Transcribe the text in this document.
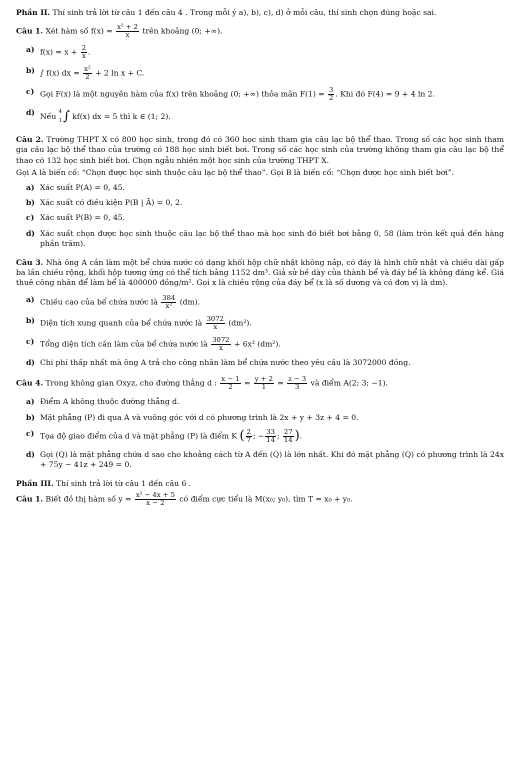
Phần II. Thí sinh trả lời từ câu 1 đến câu 4 . Trong mỗi ý a), b), c), d) ở mỗi câu, thí sinh chọn đúng hoặc sai.

Câu 1. Xét hàm số $f(x) = \frac{\text{x² + 2}}{x}$ trên khoảng (0; +∞).

a) $f(x) = x + \frac{2}{x}$ .

b) ∫ f(x) dx = $\frac{\text{x²}}{2} + 2$ ln x + C.

c) Gọi F(x) là một nguyên hàm của f(x) trên khoảng (0; +∞) thỏa mãn $F(1) = \frac{3}{2}$ . Khi đó F(4) = 9 + 4 ln 2.

d) Nếu 4
1 ∫ kf(x) dx = 5 thì k ∈ (1; 2).

Câu 2. Trường THPT X có 800 học sinh, trong đó có 360 học sinh tham gia câu lạc bộ thể thao. Trong số các học sinh tham gia câu lạc bộ thể thao của trường có 188 học sinh biết bơi. Trong số các học sinh của trường không tham gia câu lạc bộ thể thao có 132 học sinh biết bơi. Chọn ngẫu nhiên một học sinh của trường THPT X.

Gọi A là biến cố: “Chọn được học sinh thuộc câu lạc bộ thể thao”. Gọi B là biến cố: “Chọn được học sinh biết bơi”.

a) Xác suất P(A) = 0, 45.

b) Xác suất có điều kiện P(B | Ā) = 0, 2.

c) Xác suất P(B) = 0, 45.

d) Xác suất chọn được học sinh thuộc câu lạc bộ thể thao mà học sinh đó biết bơi bằng 0, 58 (làm tròn kết quả đến hàng phần trăm).

Câu 3. Nhà ông A cần làm một bể chứa nước có dạng khối hộp chữ nhật không nắp, có đáy là hình chữ nhật và chiều dài gấp ba lần chiều rộng, khối hộp tương ứng có thể tích bằng 1152 dm³. Giả sử bề dày của thành bể và đáy bể là không đáng kể. Giá thuê công nhân để làm bể là 400000 đồng/m². Gọi x là chiều rộng của đáy bể (x là số dương và có đơn vị là dm).

a) Chiều cao của bể chứa nước là $\frac{384}{\text{x²}} (dm)$.

b) Diện tích xung quanh của bể chứa nước là $\frac{3072}{x} (dm^2)$.

c) Tổng diện tích cần làm của bể chứa nước là $\frac{3072}{x} + 6x^2$ (dm²).

d) Chi phí thấp nhất mà ông A trả cho công nhân làm bể chứa nước theo yêu cầu là 3072000 đồng.

Câu 4. Trong không gian Oxyz, cho đường thẳng d : $\frac{x - 1}{2} = \frac{y + 2}{1} = \frac{z - 3}{3}$ và điểm A(2; 3; −1).

a) Điểm A không thuộc đường thẳng d.

b) Mặt phẳng (P) đi qua A và vuông góc với d có phương trình là 2x + y + 3z + 4 = 0.

c) Tọa độ giao điểm của d và mặt phẳng (P) là điểm K ( $\frac{2}{7}$ ; − $\frac{33}{14}$ ; $\frac{27}{14}$ ).

d) Gọi (Q) là mặt phẳng chứa d sao cho khoảng cách từ A đến (Q) là lớn nhất. Khi đó mặt phẳng (Q) có phương trình là 24x + 75y − 41z + 249 = 0.

Phần III. Thí sinh trả lời từ câu 1 đến câu 6 .

Câu 1. Biết đồ thị hàm số $y = \frac{\text{x² − 4x + 5}}{x - 2}$ có điểm cực tiểu là M(x₀; y₀), tìm T = x₀ + y₀.
